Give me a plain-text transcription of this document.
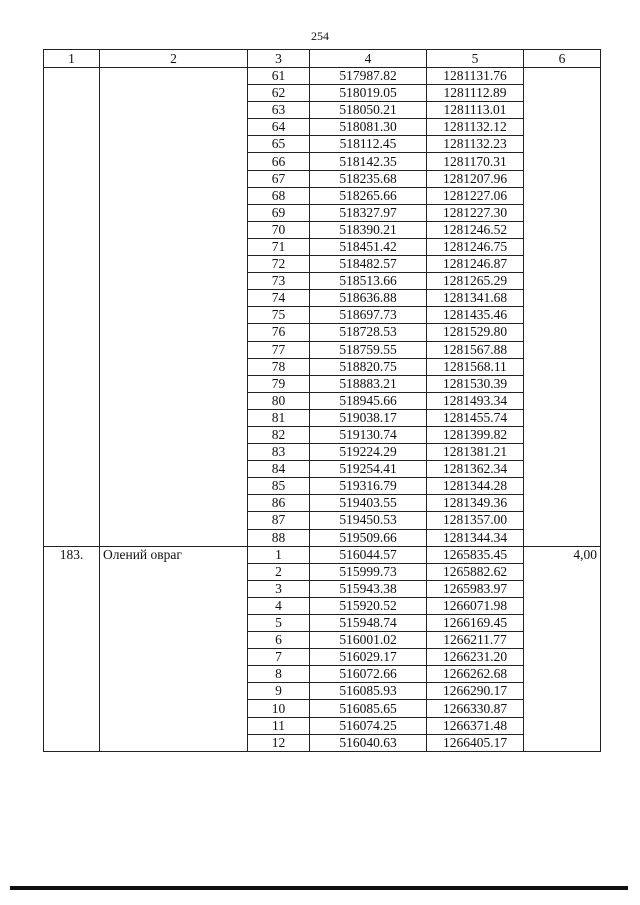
254
1	2	3	4	5	6
		61	517987.82	1281131.76	
		62	518019.05	1281112.89	
		63	518050.21	1281113.01	
		64	518081.30	1281132.12	
		65	518112.45	1281132.23	
		66	518142.35	1281170.31	
		67	518235.68	1281207.96	
		68	518265.66	1281227.06	
		69	518327.97	1281227.30	
		70	518390.21	1281246.52	
		71	518451.42	1281246.75	
		72	518482.57	1281246.87	
		73	518513.66	1281265.29	
		74	518636.88	1281341.68	
		75	518697.73	1281435.46	
		76	518728.53	1281529.80	
		77	518759.55	1281567.88	
		78	518820.75	1281568.11	
		79	518883.21	1281530.39	
		80	518945.66	1281493.34	
		81	519038.17	1281455.74	
		82	519130.74	1281399.82	
		83	519224.29	1281381.21	
		84	519254.41	1281362.34	
		85	519316.79	1281344.28	
		86	519403.55	1281349.36	
		87	519450.53	1281357.00	
		88	519509.66	1281344.34	
183.	Олений овраг	1	516044.57	1265835.45	4,00
		2	515999.73	1265882.62	
		3	515943.38	1265983.97	
		4	515920.52	1266071.98	
		5	515948.74	1266169.45	
		6	516001.02	1266211.77	
		7	516029.17	1266231.20	
		8	516072.66	1266262.68	
		9	516085.93	1266290.17	
		10	516085.65	1266330.87	
		11	516074.25	1266371.48	
		12	516040.63	1266405.17	
